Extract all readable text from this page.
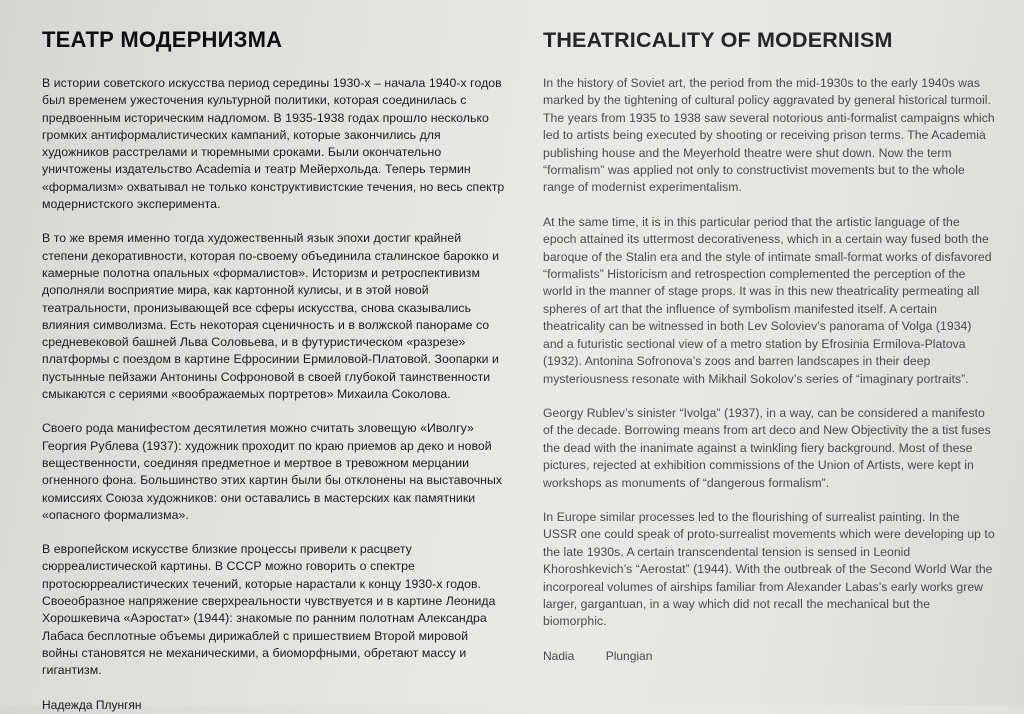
ТЕАТР МОДЕРНИЗМА

В истории советского искусства период середины 1930-х – начала 1940-х годов был временем ужесточения культурной политики, которая соединилась с предвоенным историческим надломом. В 1935-1938 годах прошло несколько громких антиформалистических кампаний, которые закончились для художников расстрелами и тюремными сроками. Были окончательно уничтожены издательство Academia и театр Мейерхольда. Теперь термин «формализм» охватывал не только конструктивистские течения, но весь спектр модернистского эксперимента.

В то же время именно тогда художественный язык эпохи достиг крайней степени декоративности, которая по-своему объединила сталинское барокко и камерные полотна опальных «формалистов». Историзм и ретроспективизм дополняли восприятие мира, как картонной кулисы, и в этой новой театральности, пронизывающей все сферы искусства, снова сказывались влияния символизма. Есть некоторая сценичность и в волжской панораме со средневековой башней Льва Соловьева, и в футуристическом «разрезе» платформы с поездом в картине Ефросинии Ермиловой-Платовой. Зоопарки и пустынные пейзажи Антонины Софроновой в своей глубокой таинственности смыкаются с сериями «воображаемых портретов» Михаила Соколова.

Своего рода манифестом десятилетия можно считать зловещую «Иволгу» Георгия Рублева (1937): художник проходит по краю приемов ар деко и новой вещественности, соединяя предметное и мертвое в тревожном мерцании огненного фона. Большинство этих картин были бы отклонены на выставочных комиссиях Союза художников: они оставались в мастерских как памятники «опасного формализма».

В европейском искусстве близкие процессы привели к расцвету сюрреалистической картины. В СССР можно говорить о спектре протосюрреалистических течений, которые нарастали к концу 1930-х годов. Своеобразное напряжение сверхреальности чувствуется и в картине Леонида Хорошкевича «Аэростат» (1944): знакомые по ранним полотнам Александра Лабаса бесплотные объемы дирижаблей с пришествием Второй мировой войны становятся не механическими, а биоморфными, обретают массу и гигантизм.

Надежда Плунгян
THEATRICALITY OF MODERNISM

In the history of Soviet art, the period from the mid-1930s to the early 1940s was marked by the tightening of cultural policy aggravated by general historical turmoil. The years from 1935 to 1938 saw several notorious anti-formalist campaigns which led to artists being executed by shooting or receiving prison terms. The Academia publishing house and the Meyerhold theatre were shut down. Now the term “formalism” was applied not only to constructivist movements but to the whole range of modernist experimentalism.

At the same time, it is in this particular period that the artistic language of the epoch attained its uttermost decorativeness, which in a certain way fused both the baroque of the Stalin era and the style of intimate small-format works of disfavored “formalists” Historicism and retrospection complemented the perception of the world in the manner of stage props. It was in this new theatricality permeating all spheres of art that the influence of symbolism manifested itself. A certain theatricality can be witnessed in both Lev Soloviev’s panorama of Volga (1934) and a futuristic sectional view of a metro station by Efrosinia Ermilova-Platova (1932). Antonina Sofronova’s zoos and barren landscapes in their deep mysteriousness resonate with Mikhail Sokolov’s series of “imaginary portraits”.

Georgy Rublev’s sinister “Ivolga” (1937), in a way, can be considered a manifesto of the decade. Borrowing means from art deco and New Objectivity the a tist fuses the dead with the inanimate against a twinkling fiery background. Most of these pictures, rejected at exhibition commissions of the Union of Artists, were kept in workshops as monuments of “dangerous formalism”.

In Europe similar processes led to the flourishing of surrealist painting. In the USSR one could speak of proto-surrealist movements which were developing up to the late 1930s. A certain transcendental tension is sensed in Leonid Khoroshkevich’s “Aerostat” (1944). With the outbreak of the Second World War the incorporeal volumes of airships familiar from Alexander Labas’s early works grew larger, gargantuan, in a way which did not recall the mechanical but the biomorphic.

Nadia Plungian
